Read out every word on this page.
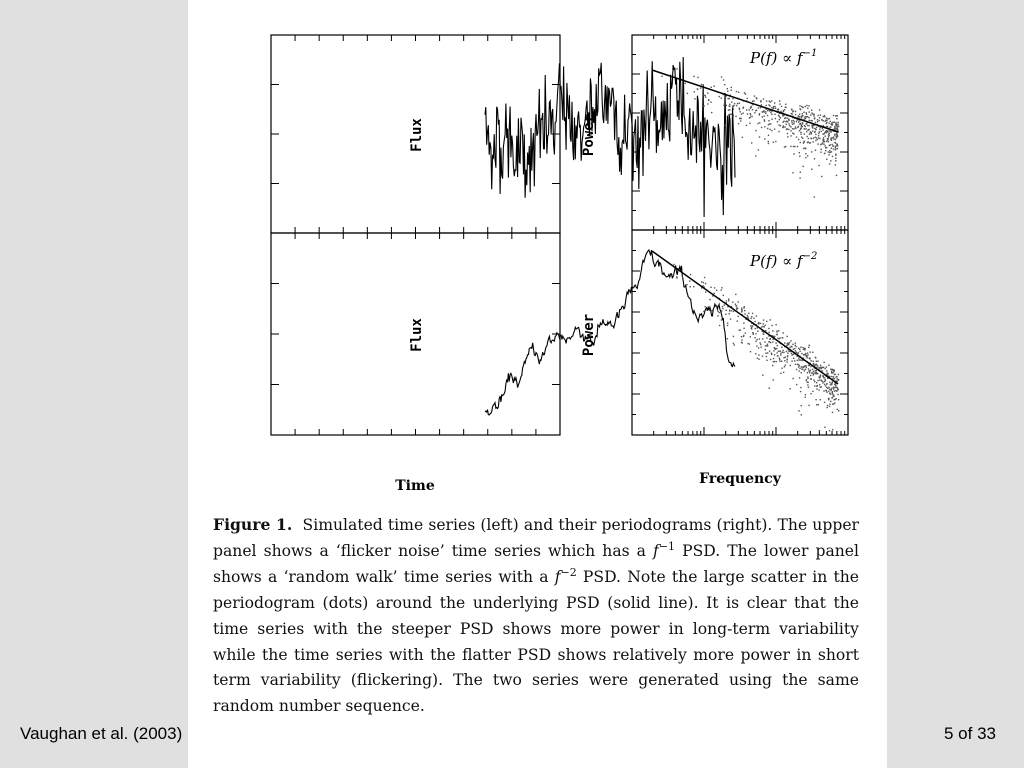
Flux
Flux
Time
Power
Power
Frequency
$P(f) \propto f^{-1}$
$P(f) \propto f^{-2}$

Figure 1. Simulated time series (left) and their periodograms (right). The upper panel shows a ‘flicker noise’ time series which has a $f^{-1}$ PSD. The lower panel shows a ‘random walk’ time series with a $f^{-2}$ PSD. Note the large scatter in the periodogram (dots) around the underlying PSD (solid line). It is clear that the time series with the steeper PSD shows more power in long-term variability while the time series with the flatter PSD shows relatively more power in short term variability (flickering). The two series were generated using the same random number sequence.

Vaughan et al. (2003)	5 of 33
